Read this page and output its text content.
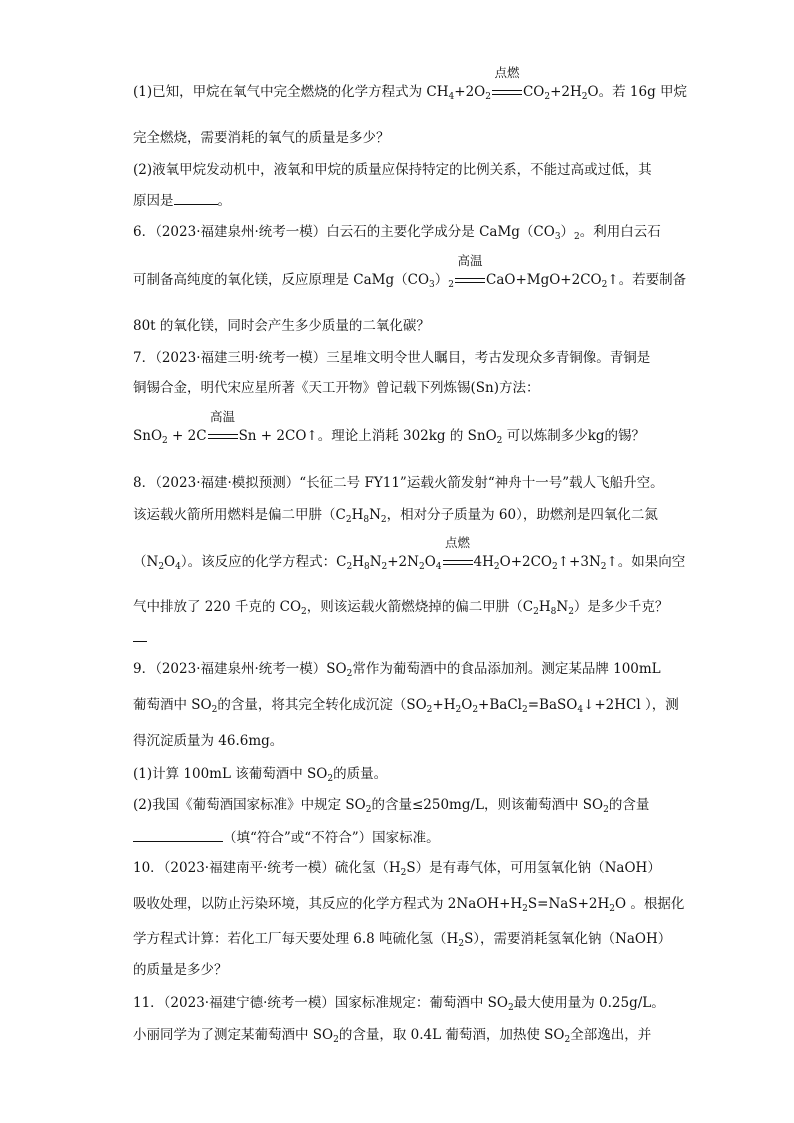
(1)已知，甲烷在氧气中完全燃烧的化学方程式为 $CH_4+2O_2$
点燃
$CO_2+2H_2O$。若 16g 甲烷
完全燃烧，需要消耗的氧气的质量是多少？
(2)液氧甲烷发动机中，液氧和甲烷的质量应保持特定的比例关系，不能过高或过低，其
原因是	。
6．（2023·福建泉州·统考一模）白云石的主要化学成分是 $CaMg(CO_3)_2$。利用白云石
可制备高纯度的氧化镁，反应原理是 $CaMg(CO_3)_2$
高温
$CaO+MgO+2CO_2↑$。若要制备
80t 的氧化镁，同时会产生多少质量的二氧化碳？
7．（2023·福建三明·统考一模）三星堆文明令世人瞩目，考古发现众多青铜像。青铜是
铜锡合金，明代宋应星所著《天工开物》曾记载下列炼锡(Sn)方法：
SnO$_2$ + 2C
高温
Sn + 2CO↑。理论上消耗 302kg 的 SnO$_2$ 可以炼制多少kg的锡？
8．（2023·福建·模拟预测）“长征二号 FY11”运载火箭发射“神舟十一号”载人飞船升空。
该运载火箭所用燃料是偏二甲肼（$C_2H_8N_2$，相对分子质量为 60），助燃剂是四氧化二氮
$(N_2O_4)$。该反应的化学方程式：$C_2H_8N_2+2N_2O_4$
点燃
$4H_2O+2CO_2↑+3N_2↑$。如果向空
气中排放了 220 千克的 $CO_2$，则该运载火箭燃烧掉的偏二甲肼$(C_2H_8N_2)$是多少千克？
9．（2023·福建泉州·统考一模）$SO_2$常作为葡萄酒中的食品添加剂。测定某品牌 100mL
葡萄酒中 $SO_2$的含量，将其完全转化成沉淀（$SO_2+H_2O_2+BaCl_2=BaSO_4↓+2HCl$ ），测
得沉淀质量为 46.6mg。
(1)计算 100mL 该葡萄酒中 $SO_2$的质量。
(2)我国《葡萄酒国家标准》中规定 $SO_2$的含量≤250mg/L，则该葡萄酒中 $SO_2$的含量
（填“符合”或“不符合”）国家标准。
10．（2023·福建南平·统考一模）硫化氢$(H_2S)$是有毒气体，可用氢氧化钠（NaOH）
吸收处理，以防止污染环境，其反应的化学方程式为 $2NaOH+H_2S=NaS+2H_2O$ 。根据化
学方程式计算：若化工厂每天要处理 6.8 吨硫化氢$(H_2S)$，需要消耗氢氧化钠（NaOH）
的质量是多少？
11．（2023·福建宁德·统考一模）国家标准规定：葡萄酒中 $SO_2$最大使用量为 0.25g/L。
小丽同学为了测定某葡萄酒中 $SO_2$的含量，取 0.4L 葡萄酒，加热使 $SO_2$全部逸出，并
